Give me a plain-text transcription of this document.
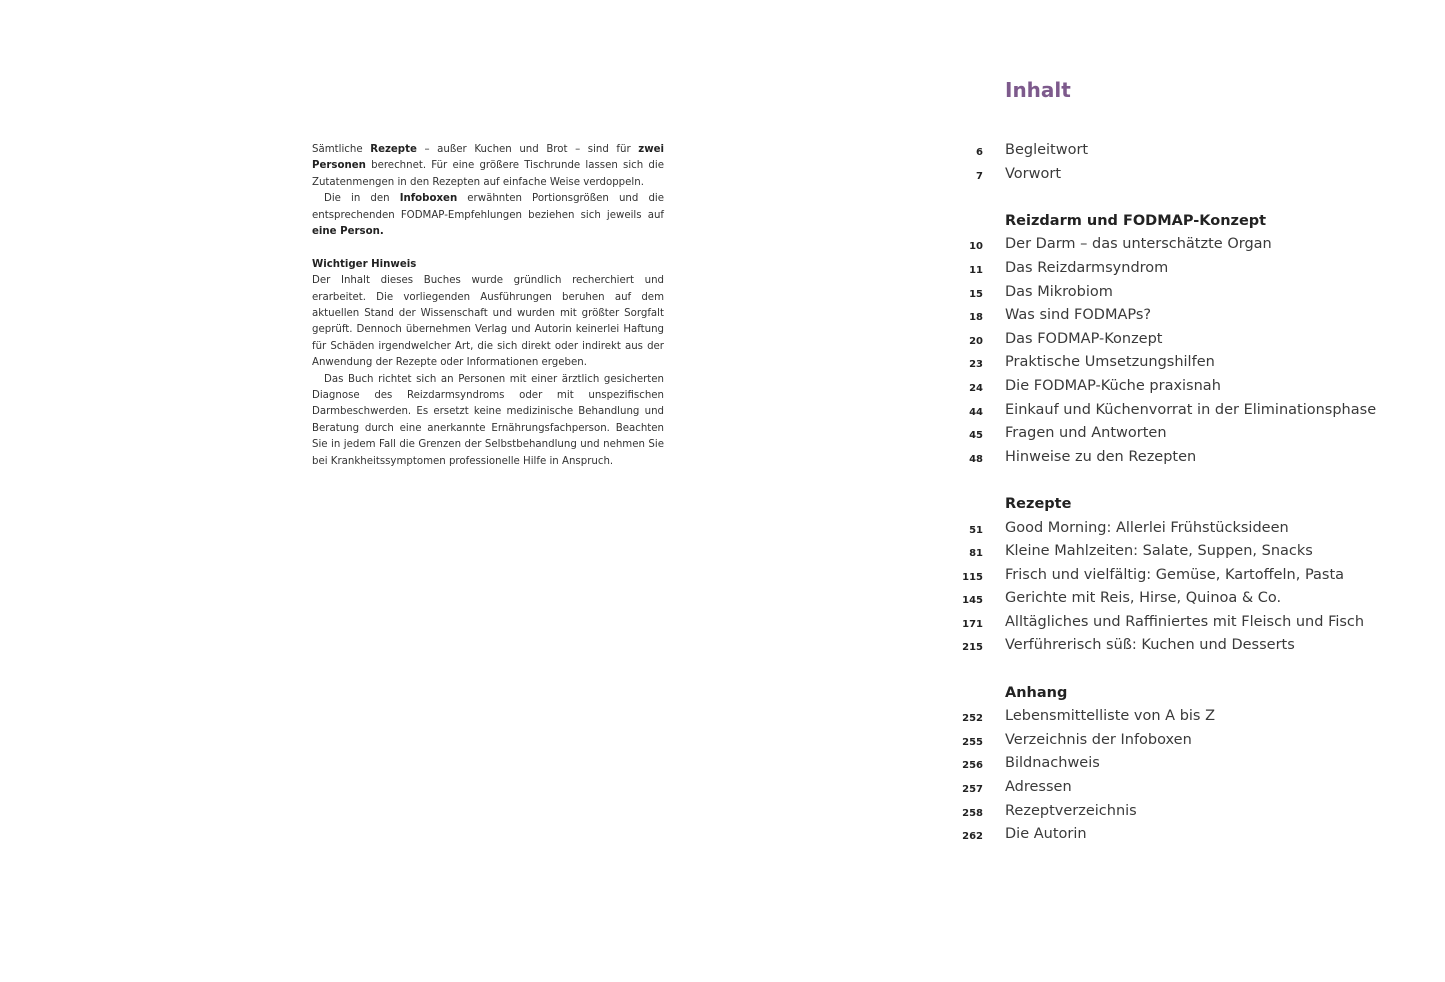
Sämtliche Rezepte – außer Kuchen und Brot – sind für zwei Personen berechnet. Für eine größere Tischrunde lassen sich die Zutatenmengen in den Rezepten auf einfache Weise verdoppeln.

Die in den Infoboxen erwähnten Portionsgrößen und die entsprechenden FODMAP-Empfehlungen beziehen sich jeweils auf eine Person.

Wichtiger Hinweis

Der Inhalt dieses Buches wurde gründlich recherchiert und erarbeitet. Die vorliegenden Ausführungen beruhen auf dem aktuellen Stand der Wissenschaft und wurden mit größter Sorgfalt geprüft. Dennoch übernehmen Verlag und Autorin keinerlei Haftung für Schäden irgendwelcher Art, die sich direkt oder indirekt aus der Anwendung der Rezepte oder Informationen ergeben.

Das Buch richtet sich an Personen mit einer ärztlich gesicherten Diagnose des Reizdarmsyndroms oder mit unspezifischen Darmbeschwerden. Es ersetzt keine medizinische Behandlung und Beratung durch eine anerkannte Ernährungsfachperson. Beachten Sie in jedem Fall die Grenzen der Selbstbehandlung und nehmen Sie bei Krankheitssymptomen professionelle Hilfe in Anspruch.

Inhalt
6 Begleitwort
7 Vorwort
Reizdarm und FODMAP-Konzept
10 Der Darm – das unterschätzte Organ
11 Das Reizdarmsyndrom
15 Das Mikrobiom
18 Was sind FODMAPs?
20 Das FODMAP-Konzept
23 Praktische Umsetzungshilfen
24 Die FODMAP-Küche praxisnah
44 Einkauf und Küchenvorrat in der Eliminationsphase
45 Fragen und Antworten
48 Hinweise zu den Rezepten
Rezepte
51 Good Morning: Allerlei Frühstücksideen
81 Kleine Mahlzeiten: Salate, Suppen, Snacks
115 Frisch und vielfältig: Gemüse, Kartoffeln, Pasta
145 Gerichte mit Reis, Hirse, Quinoa & Co.
171 Alltägliches und Raffiniertes mit Fleisch und Fisch
215 Verführerisch süß: Kuchen und Desserts
Anhang
252 Lebensmittelliste von A bis Z
255 Verzeichnis der Infoboxen
256 Bildnachweis
257 Adressen
258 Rezeptverzeichnis
262 Die Autorin
